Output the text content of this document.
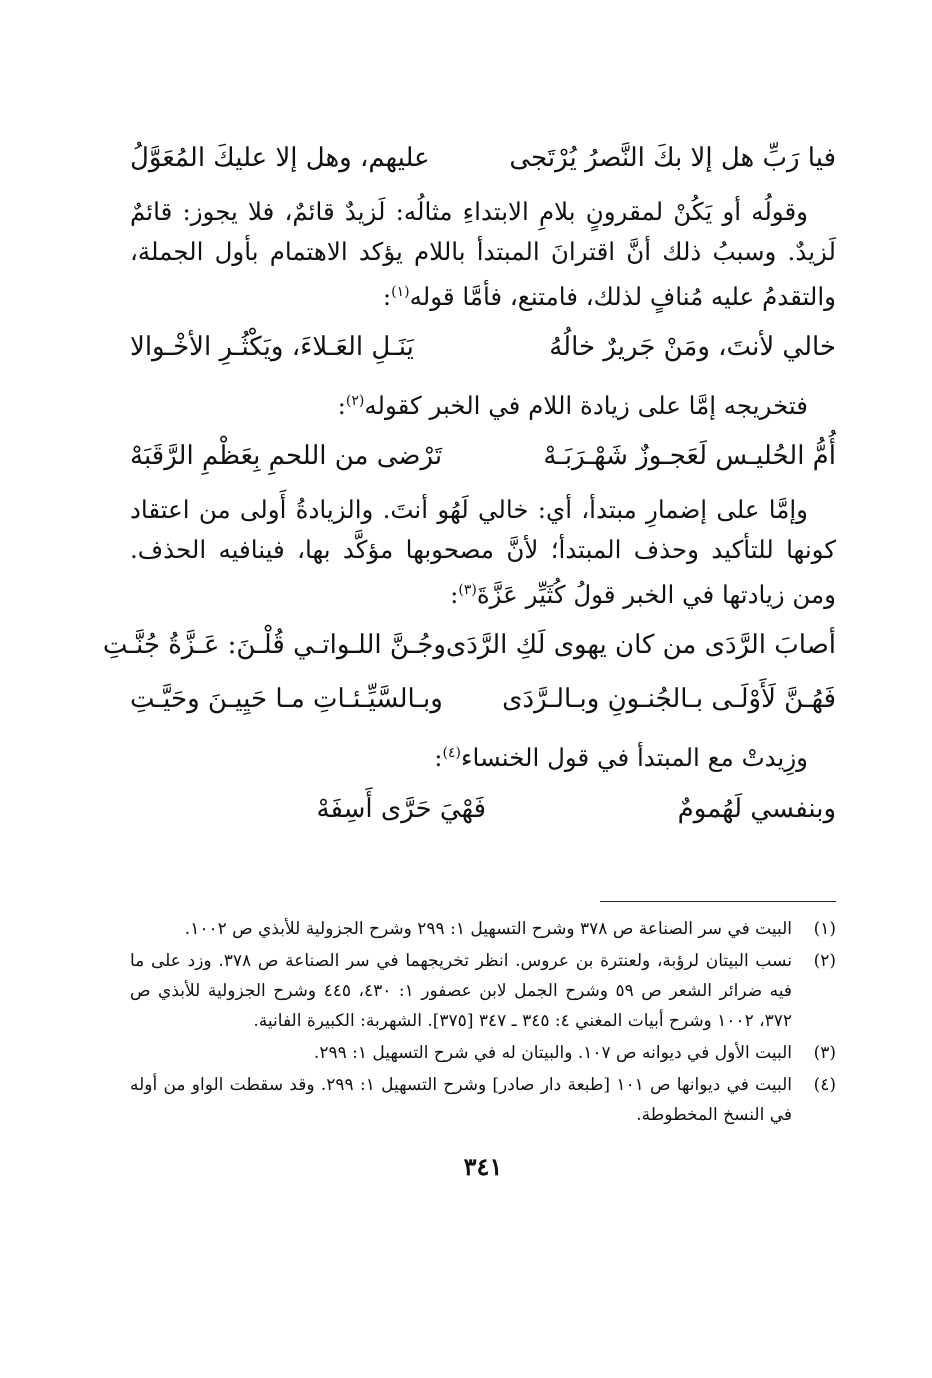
فيا رَبِّ هل إلا بكَ النَّصرُ يُرْتَجى
عليهم، وهل إلا عليكَ المُعَوَّلُ

وقولُه أو يَكُنْ لمقرونٍ بلامِ الابتداءِ مثالُه: لَزيدٌ قائمٌ، فلا يجوز: قائمٌ لَزيدٌ. وسببُ ذلك أنَّ اقترانَ المبتدأ باللام يؤكد الاهتمام بأول الجملة، والتقدمُ عليه مُنافٍ لذلك، فامتنع، فأمَّا قوله$^{(١)}$:

خالي لأنتَ، ومَنْ جَريرٌ خالُهُ
يَنَـلِ العَـلاءَ، ويَكْثُـرِ الأخْـوالا

فتخريجه إمَّا على زيادة اللام في الخبر كقوله$^{(٢)}$:

أُمُّ الحُليـس لَعَجـوزٌ شَهْـرَبَـهْ
تَرْضى من اللحمِ بِعَظْمِ الرَّقَبَهْ

وإمَّا على إضمارِ مبتدأ، أي: خالي لَهُو أنتَ. والزيادةُ أَولى من اعتقاد كونها للتأكيد وحذف المبتدأ؛ لأنَّ مصحوبها مؤكَّد بها، فينافيه الحذف. ومن زيادتها في الخبر قولُ كُثَيِّر عَزَّةَ$^{(٣)}$:

أصابَ الرَّدَى من كان يهوى لَكِ الرَّدَى
وجُـنَّ اللـواتـي قُلْـنَ: عَـزَّةُ جُنَّـتِ
فَهُـنَّ لَأَوْلَـى بـالجُنـونِ وبـالـرَّدَى
وبـالسَّيِّـئـاتِ مـا حَيِيـنَ وحَيَّـتِ

وزِيدتْ مع المبتدأ في قول الخنساء$^{(٤)}$:

وبنفسي لَهُمومٌ
فَهْيَ حَرَّى أَسِفَهْ
(١)
البيت في سر الصناعة ص ٣٧٨ وشرح التسهيل ١: ٢٩٩ وشرح الجزولية للأبذي ص ١٠٠٢.
(٢)
نسب البيتان لرؤبة، ولعنترة بن عروس. انظر تخريجهما في سر الصناعة ص ٣٧٨. وزد على ما فيه ضرائر الشعر ص ٥٩ وشرح الجمل لابن عصفور ١: ٤٣٠، ٤٤٥ وشرح الجزولية للأبذي ص ٣٧٢، ١٠٠٢ وشرح أبيات المغني ٤: ٣٤٥ ـ ٣٤٧ [٣٧٥]. الشهربة: الكبيرة الفانية.
(٣)
البيت الأول في ديوانه ص ١٠٧. والبيتان له في شرح التسهيل ١: ٢٩٩.
(٤)
البيت في ديوانها ص ١٠١ [طبعة دار صادر] وشرح التسهيل ١: ٢٩٩. وقد سقطت الواو من أوله في النسخ المخطوطة.
٣٤١
